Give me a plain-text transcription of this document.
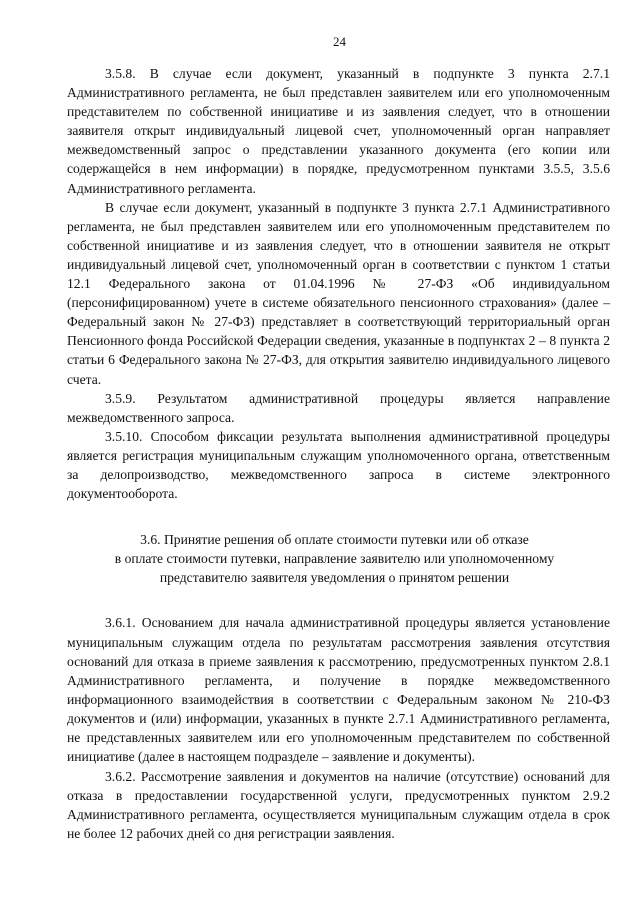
24

3.5.8. В случае если документ, указанный в подпункте 3 пункта 2.7.1 Административного регламента, не был представлен заявителем или его уполномоченным представителем по собственной инициативе и из заявления следует, что в отношении заявителя открыт индивидуальный лицевой счет, уполномоченный орган направляет межведомственный запрос о представлении указанного документа (его копии или содержащейся в нем информации) в порядке, предусмотренном пунктами 3.5.5, 3.5.6 Административного регламента.

В случае если документ, указанный в подпункте 3 пункта 2.7.1 Административного регламента, не был представлен заявителем или его уполномоченным представителем по собственной инициативе и из заявления следует, что в отношении заявителя не открыт индивидуальный лицевой счет, уполномоченный орган в соответствии с пунктом 1 статьи 12.1 Федерального закона от 01.04.1996 № 27-ФЗ «Об индивидуальном (персонифицированном) учете в системе обязательного пенсионного страхования» (далее – Федеральный закон № 27-ФЗ) представляет в соответствующий территориальный орган Пенсионного фонда Российской Федерации сведения, указанные в подпунктах 2 – 8 пункта 2 статьи 6 Федерального закона № 27-ФЗ, для открытия заявителю индивидуального лицевого счета.

3.5.9. Результатом административной процедуры является направление межведомственного запроса.

3.5.10. Способом фиксации результата выполнения административной процедуры является регистрация муниципальным служащим уполномоченного органа, ответственным за делопроизводство, межведомственного запроса в системе электронного документооборота.

3.6. Принятие решения об оплате стоимости путевки или об отказе
в оплате стоимости путевки, направление заявителю или уполномоченному
представителю заявителя уведомления о принятом решении

3.6.1. Основанием для начала административной процедуры является установление муниципальным служащим отдела по результатам рассмотрения заявления отсутствия оснований для отказа в приеме заявления к рассмотрению, предусмотренных пунктом 2.8.1 Административного регламента, и получение в порядке межведомственного информационного взаимодействия в соответствии с Федеральным законом № 210-ФЗ документов и (или) информации, указанных в пункте 2.7.1 Административного регламента, не представленных заявителем или его уполномоченным представителем по собственной инициативе (далее в настоящем подразделе – заявление и документы).

3.6.2. Рассмотрение заявления и документов на наличие (отсутствие) оснований для отказа в предоставлении государственной услуги, предусмотренных пунктом 2.9.2 Административного регламента, осуществляется муниципальным служащим отдела в срок не более 12 рабочих дней со дня регистрации заявления.
